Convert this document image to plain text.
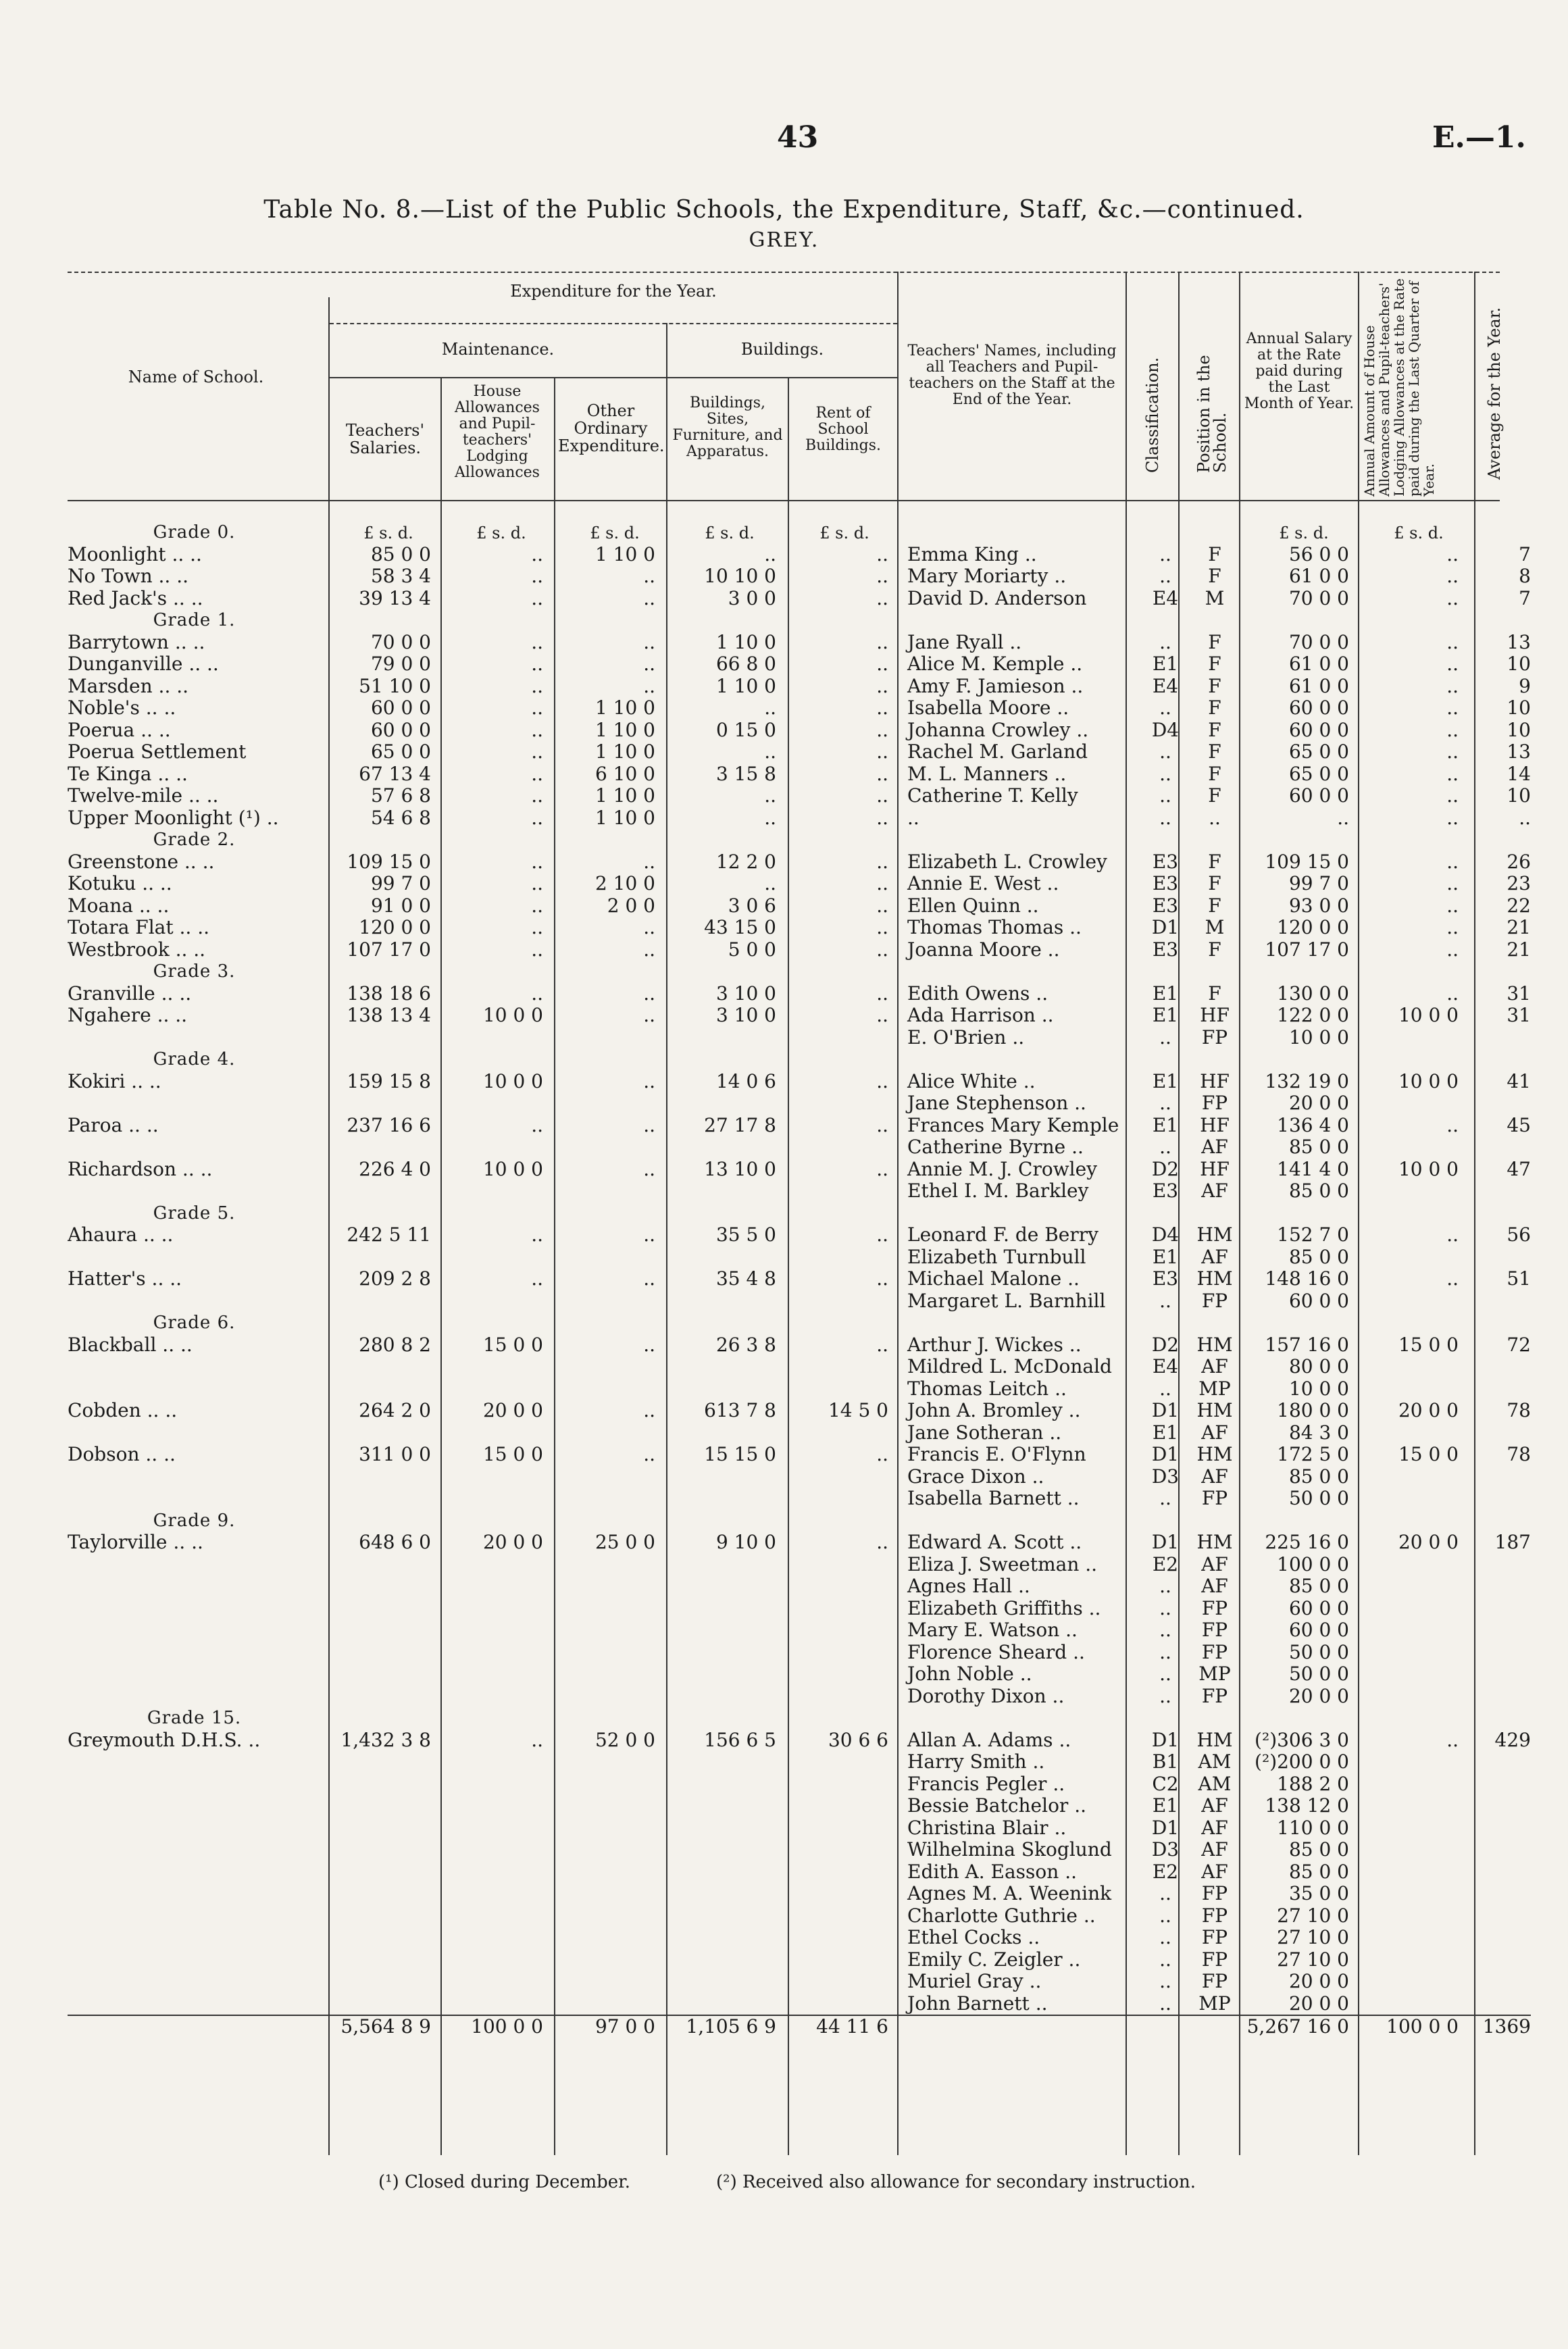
43	E.—1.
Table No. 8.—List of the Public Schools, the Expenditure, Staff, &c.—continued.
GREY.
Name of School.
Expenditure for the Year.
Maintenance.	Buildings.
Teachers' Salaries.
House Allowances and Pupil-teachers' Lodging Allowances
Other Ordinary Expenditure.
Buildings, Sites, Furniture, and Apparatus.
Rent of School Buildings.
Teachers' Names, including all Teachers and Pupil-teachers on the Staff at the End of the Year.	Classification. Position in the School.
Annual Salary at the Rate paid during the Last Month of Year. Annual Amount of House Allowances and Pupil-teachers' Lodging Allowances at the Rate paid during the Last Quarter of Year.
Average for the Year.
£ s. d.	£ s. d.	£ s. d.	£ s. d.	£ s. d.	£ s. d.	£ s. d.
Grade 0.											
Moonlight .. ..	85 0 0	..	1 10 0	..	..	Emma King ..	..	F	56 0 0	..	7
No Town .. ..	58 3 4	..	..	10 10 0	..	Mary Moriarty ..	..	F	61 0 0	..	8
Red Jack's .. ..	39 13 4	..	..	3 0 0	..	David D. Anderson	E4	M	70 0 0	..	7
Grade 1.											
Barrytown .. ..	70 0 0	..	..	1 10 0	..	Jane Ryall ..	..	F	70 0 0	..	13
Dunganville .. ..	79 0 0	..	..	66 8 0	..	Alice M. Kemple ..	E1	F	61 0 0	..	10
Marsden .. ..	51 10 0	..	..	1 10 0	..	Amy F. Jamieson ..	E4	F	61 0 0	..	9
Noble's .. ..	60 0 0	..	1 10 0	..	..	Isabella Moore ..	..	F	60 0 0	..	10
Poerua .. ..	60 0 0	..	1 10 0	0 15 0	..	Johanna Crowley ..	D4	F	60 0 0	..	10
Poerua Settlement	65 0 0	..	1 10 0	..	..	Rachel M. Garland	..	F	65 0 0	..	13
Te Kinga .. ..	67 13 4	..	6 10 0	3 15 8	..	M. L. Manners ..	..	F	65 0 0	..	14
Twelve-mile .. ..	57 6 8	..	1 10 0	..	..	Catherine T. Kelly	..	F	60 0 0	..	10
Upper Moonlight (¹) ..	54 6 8	..	1 10 0	..	..	..	..	..	..	..	..
Grade 2.											
Greenstone .. ..	109 15 0	..	..	12 2 0	..	Elizabeth L. Crowley	E3	F	109 15 0	..	26
Kotuku .. ..	99 7 0	..	2 10 0	..	..	Annie E. West ..	E3	F	99 7 0	..	23
Moana .. ..	91 0 0	..	2 0 0	3 0 6	..	Ellen Quinn ..	E3	F	93 0 0	..	22
Totara Flat .. ..	120 0 0	..	..	43 15 0	..	Thomas Thomas ..	D1	M	120 0 0	..	21
Westbrook .. ..	107 17 0	..	..	5 0 0	..	Joanna Moore ..	E3	F	107 17 0	..	21
Grade 3.											
Granville .. ..	138 18 6	..	..	3 10 0	..	Edith Owens ..	E1	F	130 0 0	..	31
Ngahere .. ..	138 13 4	10 0 0	..	3 10 0	..	Ada Harrison ..	E1	HF	122 0 0	10 0 0	31
						E. O'Brien ..	..	FP	10 0 0		
Grade 4.											
Kokiri .. ..	159 15 8	10 0 0	..	14 0 6	..	Alice White ..	E1	HF	132 19 0	10 0 0	41
						Jane Stephenson ..	..	FP	20 0 0		
Paroa .. ..	237 16 6	..	..	27 17 8	..	Frances Mary Kemple	E1	HF	136 4 0	..	45
						Catherine Byrne ..	..	AF	85 0 0		
Richardson .. ..	226 4 0	10 0 0	..	13 10 0	..	Annie M. J. Crowley	D2	HF	141 4 0	10 0 0	47
						Ethel I. M. Barkley	E3	AF	85 0 0		
Grade 5.											
Ahaura .. ..	242 5 11	..	..	35 5 0	..	Leonard F. de Berry	D4	HM	152 7 0	..	56
						Elizabeth Turnbull	E1	AF	85 0 0		
Hatter's .. ..	209 2 8	..	..	35 4 8	..	Michael Malone ..	E3	HM	148 16 0	..	51
						Margaret L. Barnhill	..	FP	60 0 0		
Grade 6.											
Blackball .. ..	280 8 2	15 0 0	..	26 3 8	..	Arthur J. Wickes ..	D2	HM	157 16 0	15 0 0	72
						Mildred L. McDonald	E4	AF	80 0 0		
						Thomas Leitch ..	..	MP	10 0 0		
Cobden .. ..	264 2 0	20 0 0	..	613 7 8	14 5 0	John A. Bromley ..	D1	HM	180 0 0	20 0 0	78
						Jane Sotheran ..	E1	AF	84 3 0		
Dobson .. ..	311 0 0	15 0 0	..	15 15 0	..	Francis E. O'Flynn	D1	HM	172 5 0	15 0 0	78
						Grace Dixon ..	D3	AF	85 0 0		
						Isabella Barnett ..	..	FP	50 0 0		
Grade 9.											
Taylorville .. ..	648 6 0	20 0 0	25 0 0	9 10 0	..	Edward A. Scott ..	D1	HM	225 16 0	20 0 0	187
						Eliza J. Sweetman ..	E2	AF	100 0 0		
						Agnes Hall ..	..	AF	85 0 0		
						Elizabeth Griffiths ..	..	FP	60 0 0		
						Mary E. Watson ..	..	FP	60 0 0		
						Florence Sheard ..	..	FP	50 0 0		
						John Noble ..	..	MP	50 0 0		
						Dorothy Dixon ..	..	FP	20 0 0		
Grade 15.											
Greymouth D.H.S. ..	1,432 3 8	..	52 0 0	156 6 5	30 6 6	Allan A. Adams ..	D1	HM	(²)306 3 0	..	429
						Harry Smith ..	B1	AM	(²)200 0 0		
						Francis Pegler ..	C2	AM	188 2 0		
						Bessie Batchelor ..	E1	AF	138 12 0		
						Christina Blair ..	D1	AF	110 0 0		
						Wilhelmina Skoglund	D3	AF	85 0 0		
						Edith A. Easson ..	E2	AF	85 0 0		
						Agnes M. A. Weenink	..	FP	35 0 0		
						Charlotte Guthrie ..	..	FP	27 10 0		
						Ethel Cocks ..	..	FP	27 10 0		
						Emily C. Zeigler ..	..	FP	27 10 0		
						Muriel Gray ..	..	FP	20 0 0		
						John Barnett ..	..	MP	20 0 0		
	5,564 8 9	100 0 0	97 0 0	1,105 6 9	44 11 6				5,267 16 0	100 0 0	1369
(¹) Closed during December.	(²) Received also allowance for secondary instruction.
